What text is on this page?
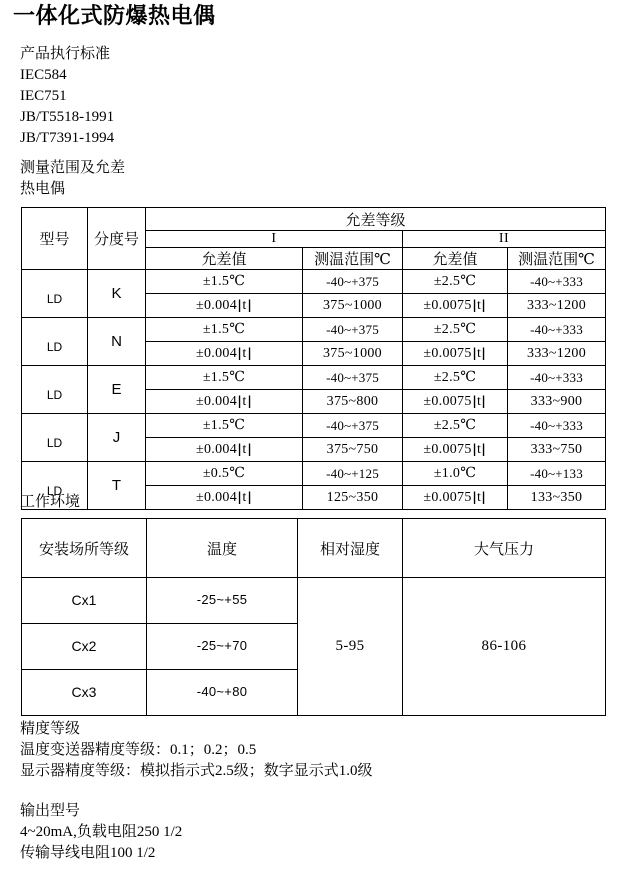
一体化式防爆热电偶
产品执行标准
IEC584
IEC751
JB/T5518-1991
JB/T7391-1994
测量范围及允差
热电偶
型号	分度号	允差等级			
		I		II	
		允差值	测温范围℃	允差值	测温范围℃
LD	K	±1.5℃	-40~+375	±2.5℃	-40~+333
		±0.004|t|	375~1000	±0.0075|t|	333~1200
LD	N	±1.5℃	-40~+375	±2.5℃	-40~+333
		±0.004|t|	375~1000	±0.0075|t|	333~1200
LD	E	±1.5℃	-40~+375	±2.5℃	-40~+333
		±0.004|t|	375~800	±0.0075|t|	333~900
LD	J	±1.5℃	-40~+375	±2.5℃	-40~+333
		±0.004|t|	375~750	±0.0075|t|	333~750
LD	T	±0.5℃	-40~+125	±1.0℃	-40~+133
		±0.004|t|	125~350	±0.0075|t|	133~350
工作环境
安装场所等级	温度	相对湿度	大气压力
Cx1	-25~+55	5-95	86-106
Cx2	-25~+70		
Cx3	-40~+80		
精度等级
温度变送器精度等级：0.1；0.2；0.5
显示器精度等级：模拟指示式2.5级；数字显示式1.0级
输出型号
4~20mA,负载电阻250 1/2
传输导线电阻100 1/2
